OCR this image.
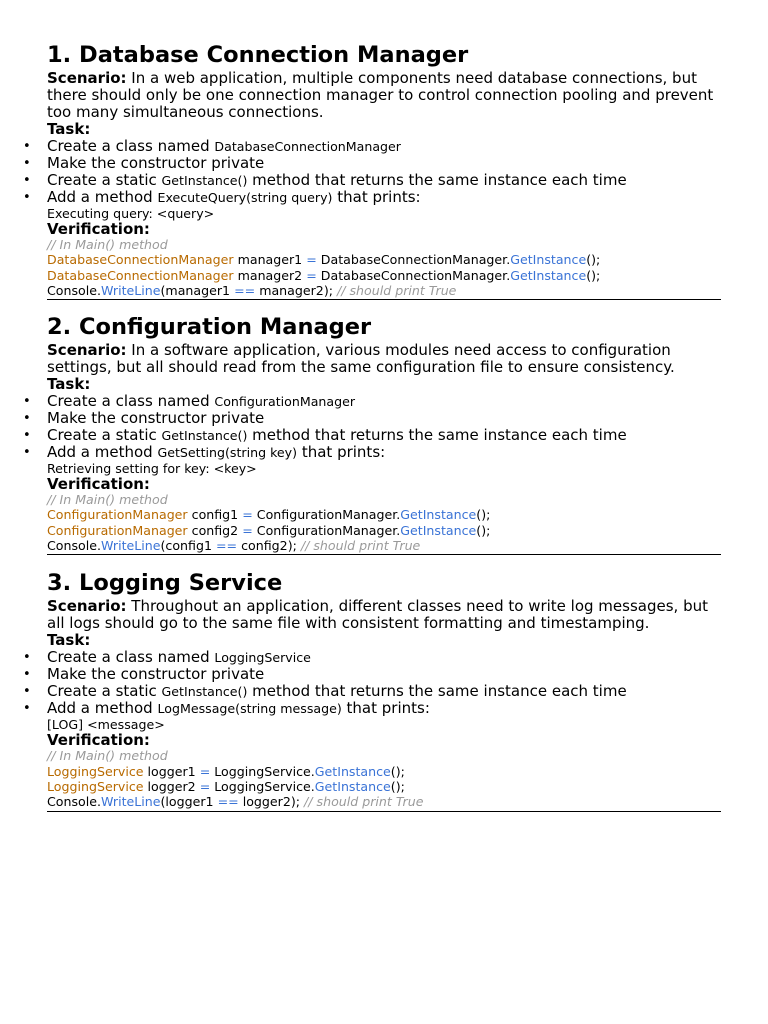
1. Database Connection Manager

Scenario: In a web application, multiple components need database connections, but there should only be one connection manager to control connection pooling and prevent too many simultaneous connections.

Task:

• Create a class named DatabaseConnectionManager
• Make the constructor private
• Create a static GetInstance() method that returns the same instance each time
• Add a method ExecuteQuery(string query) that prints:
Executing query: <query>

Verification:

// In Main() method
DatabaseConnectionManager manager1 = DatabaseConnectionManager.GetInstance();
DatabaseConnectionManager manager2 = DatabaseConnectionManager.GetInstance();
Console.WriteLine(manager1 == manager2); // should print True
2. Configuration Manager

Scenario: In a software application, various modules need access to configuration settings, but all should read from the same configuration file to ensure consistency.

Task:

• Create a class named ConfigurationManager
• Make the constructor private
• Create a static GetInstance() method that returns the same instance each time
• Add a method GetSetting(string key) that prints:
Retrieving setting for key: <key>

Verification:

// In Main() method
ConfigurationManager config1 = ConfigurationManager.GetInstance();
ConfigurationManager config2 = ConfigurationManager.GetInstance();
Console.WriteLine(config1 == config2); // should print True
3. Logging Service

Scenario: Throughout an application, different classes need to write log messages, but all logs should go to the same file with consistent formatting and timestamping.

Task:

• Create a class named LoggingService
• Make the constructor private
• Create a static GetInstance() method that returns the same instance each time
• Add a method LogMessage(string message) that prints:
[LOG] <message>

Verification:

// In Main() method
LoggingService logger1 = LoggingService.GetInstance();
LoggingService logger2 = LoggingService.GetInstance();
Console.WriteLine(logger1 == logger2); // should print True
